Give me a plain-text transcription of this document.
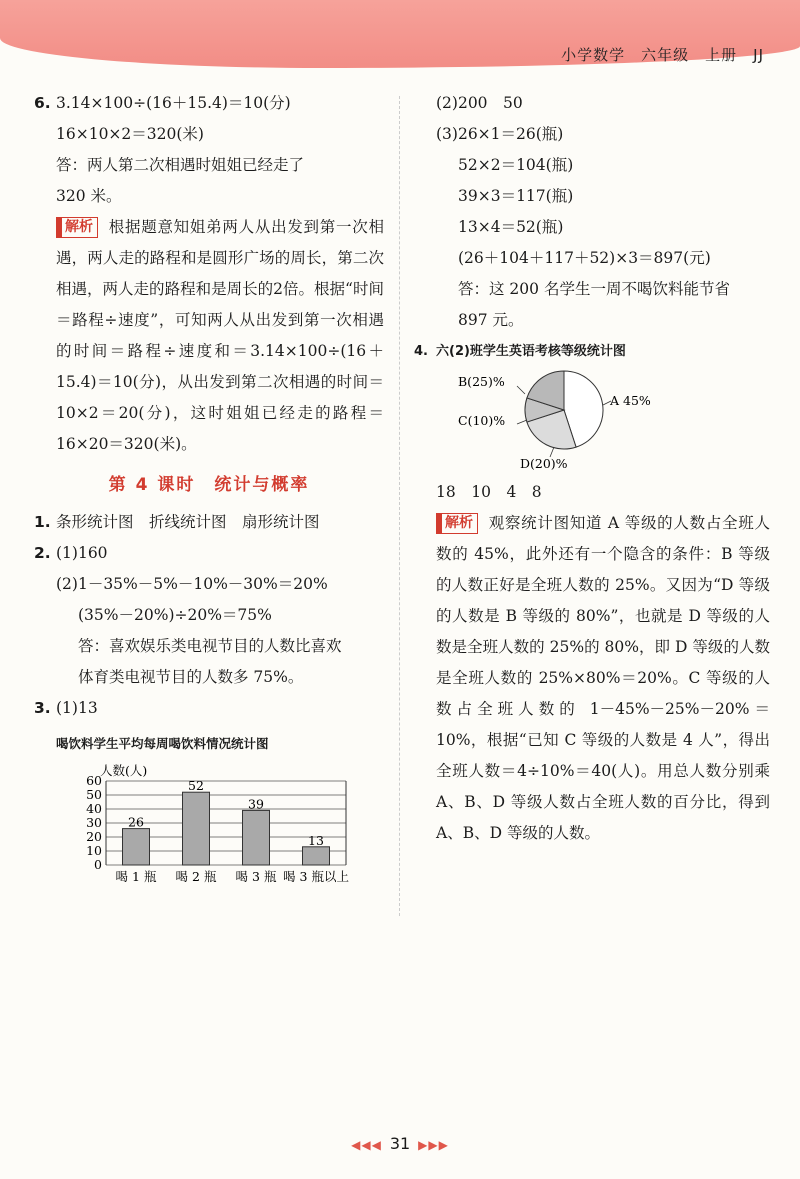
小学数学　六年级　上册　JJ
6. 3.14×100÷(16＋15.4)＝10(分)
16×10×2＝320(米)
答：两人第二次相遇时姐姐已经走了
320 米。
解析 根据题意知姐弟两人从出发到第一次相遇，两人走的路程和是圆形广场的周长，第二次相遇，两人走的路程和是周长的2倍。根据“时间＝路程÷速度”，可知两人从出发到第一次相遇的时间＝路程÷速度和＝3.14×100÷(16＋15.4)＝10(分)，从出发到第二次相遇的时间＝10×2＝20(分)，这时姐姐已经走的路程＝16×20＝320(米)。
第 4 课时　统计与概率
1. 条形统计图　折线统计图　扇形统计图
2. (1)160
(2)1－35%－5%－10%－30%＝20%
(35%－20%)÷20%＝75%
答：喜欢娱乐类电视节目的人数比喜欢
体育类电视节目的人数多 75%。
3. (1)13
喝饮料学生平均每周喝饮料情况统计图
人数(人)
0
10
20
30
40
50
60
26
喝 1 瓶
52
喝 2 瓶
39
喝 3 瓶
13
喝 3 瓶以上
(2)200　50
(3)26×1＝26(瓶)
52×2＝104(瓶)
39×3＝117(瓶)
13×4＝52(瓶)
(26＋104＋117＋52)×3＝897(元)
答：这 200 名学生一周不喝饮料能节省
897 元。
4. 六(2)班学生英语考核等级统计图
A 45%
B(25)%
C(10)%
D(20)%
18　10　4　8
解析 观察统计图知道 A 等级的人数占全班人数的 45%，此外还有一个隐含的条件：B 等级的人数正好是全班人数的 25%。又因为“D 等级的人数是 B 等级的 80%”，也就是 D 等级的人数是全班人数的 25%的 80%，即 D 等级的人数是全班人数的 25%×80%＝20%。C 等级的人数占全班人数的 1－45%－25%－20%＝10%，根据“已知 C 等级的人数是 4 人”，得出全班人数＝4÷10%＝40(人)。用总人数分别乘 A、B、D 等级人数占全班人数的百分比，得到 A、B、D 等级的人数。
◀◀◀ 31 ▶▶▶
